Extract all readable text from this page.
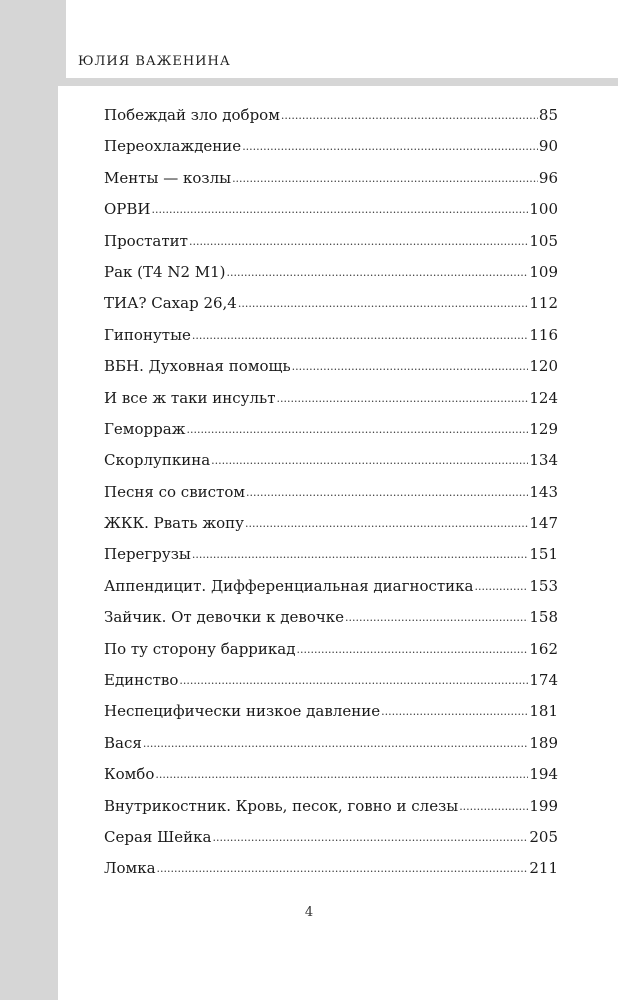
ЮЛИЯ ВАЖЕНИНА
Побеждай зло добром .....	85
Переохлаждение .....	90
Менты — козлы .....	96
ОРВИ .....	100
Простатит .....	105
Рак (T4 N2 M1) .....	109
ТИА? Сахар 26,4 .....	112
Гипонутые .....	116
ВБН. Духовная помощь .....	120
И все ж таки инсульт .....	124
Геморраж .....	129
Скорлупкина .....	134
Песня со свистом .....	143
ЖКК. Рвать жопу .....	147
Перегрузы .....	151
Аппендицит. Дифференциальная диагностика .....	153
Зайчик. От девочки к девочке .....	158
По ту сторону баррикад .....	162
Единство .....	174
Неспецифически низкое давление .....	181
Вася .....	189
Комбо .....	194
Внутрикостник. Кровь, песок, говно и слезы .....	199
Серая Шейка .....	205
Ломка .....	211
4
